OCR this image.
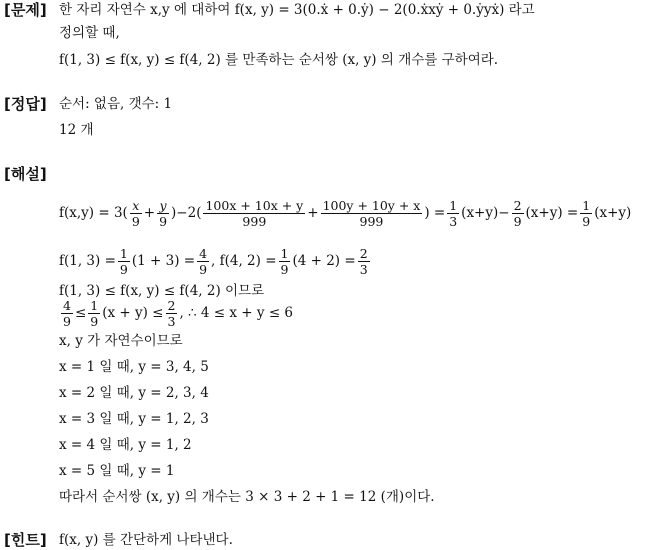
[문제] 한 자리 자연수 x,y 에 대하여 f(x, y) = 3(0.ẋ + 0.ẏ) − 2(0.ẋxẏ + 0.ẏyẋ) 라고
정의할 때,
f(1, 3) ≤ f(x, y) ≤ f(4, 2) 를 만족하는 순서쌍 (x, y) 의 개수를 구하여라.
[정답] 순서: 없음, 갯수: 1
12 개
[해설]
$f(x,y) = 3( \frac{x}{9} + \frac{y}{9} )-2( \frac{100x + 10x + y}{999} + \frac{100y + 10y + x}{999}$ ) = $\frac{1}{3} (x+y)- \frac{2}{9} (x+y) = \frac{1}{9} (x+y)$
f(1, $3) = \frac{1}{9} (1 + 3) = \frac{4}{9}$ , f(4, $2) = \frac{1}{9} (4 + 2) = \frac{2}{3}$
f(1, 3) ≤ f(x, y) ≤ f(4, 2) 이므로
$\frac{4}{9} \le \frac{1}{9} (x + y) \le \frac{2}{3}$ , ∴ 4 ≤ x + y ≤ 6
x, y 가 자연수이므로
x = 1 일 때, y = 3, 4, 5
x = 2 일 때, y = 2, 3, 4
x = 3 일 때, y = 1, 2, 3
x = 4 일 때, y = 1, 2
x = 5 일 때, y = 1
따라서 순서쌍 (x, y) 의 개수는 3 × 3 + 2 + 1 = 12 (개)이다.
[힌트] f(x, y) 를 간단하게 나타낸다.
